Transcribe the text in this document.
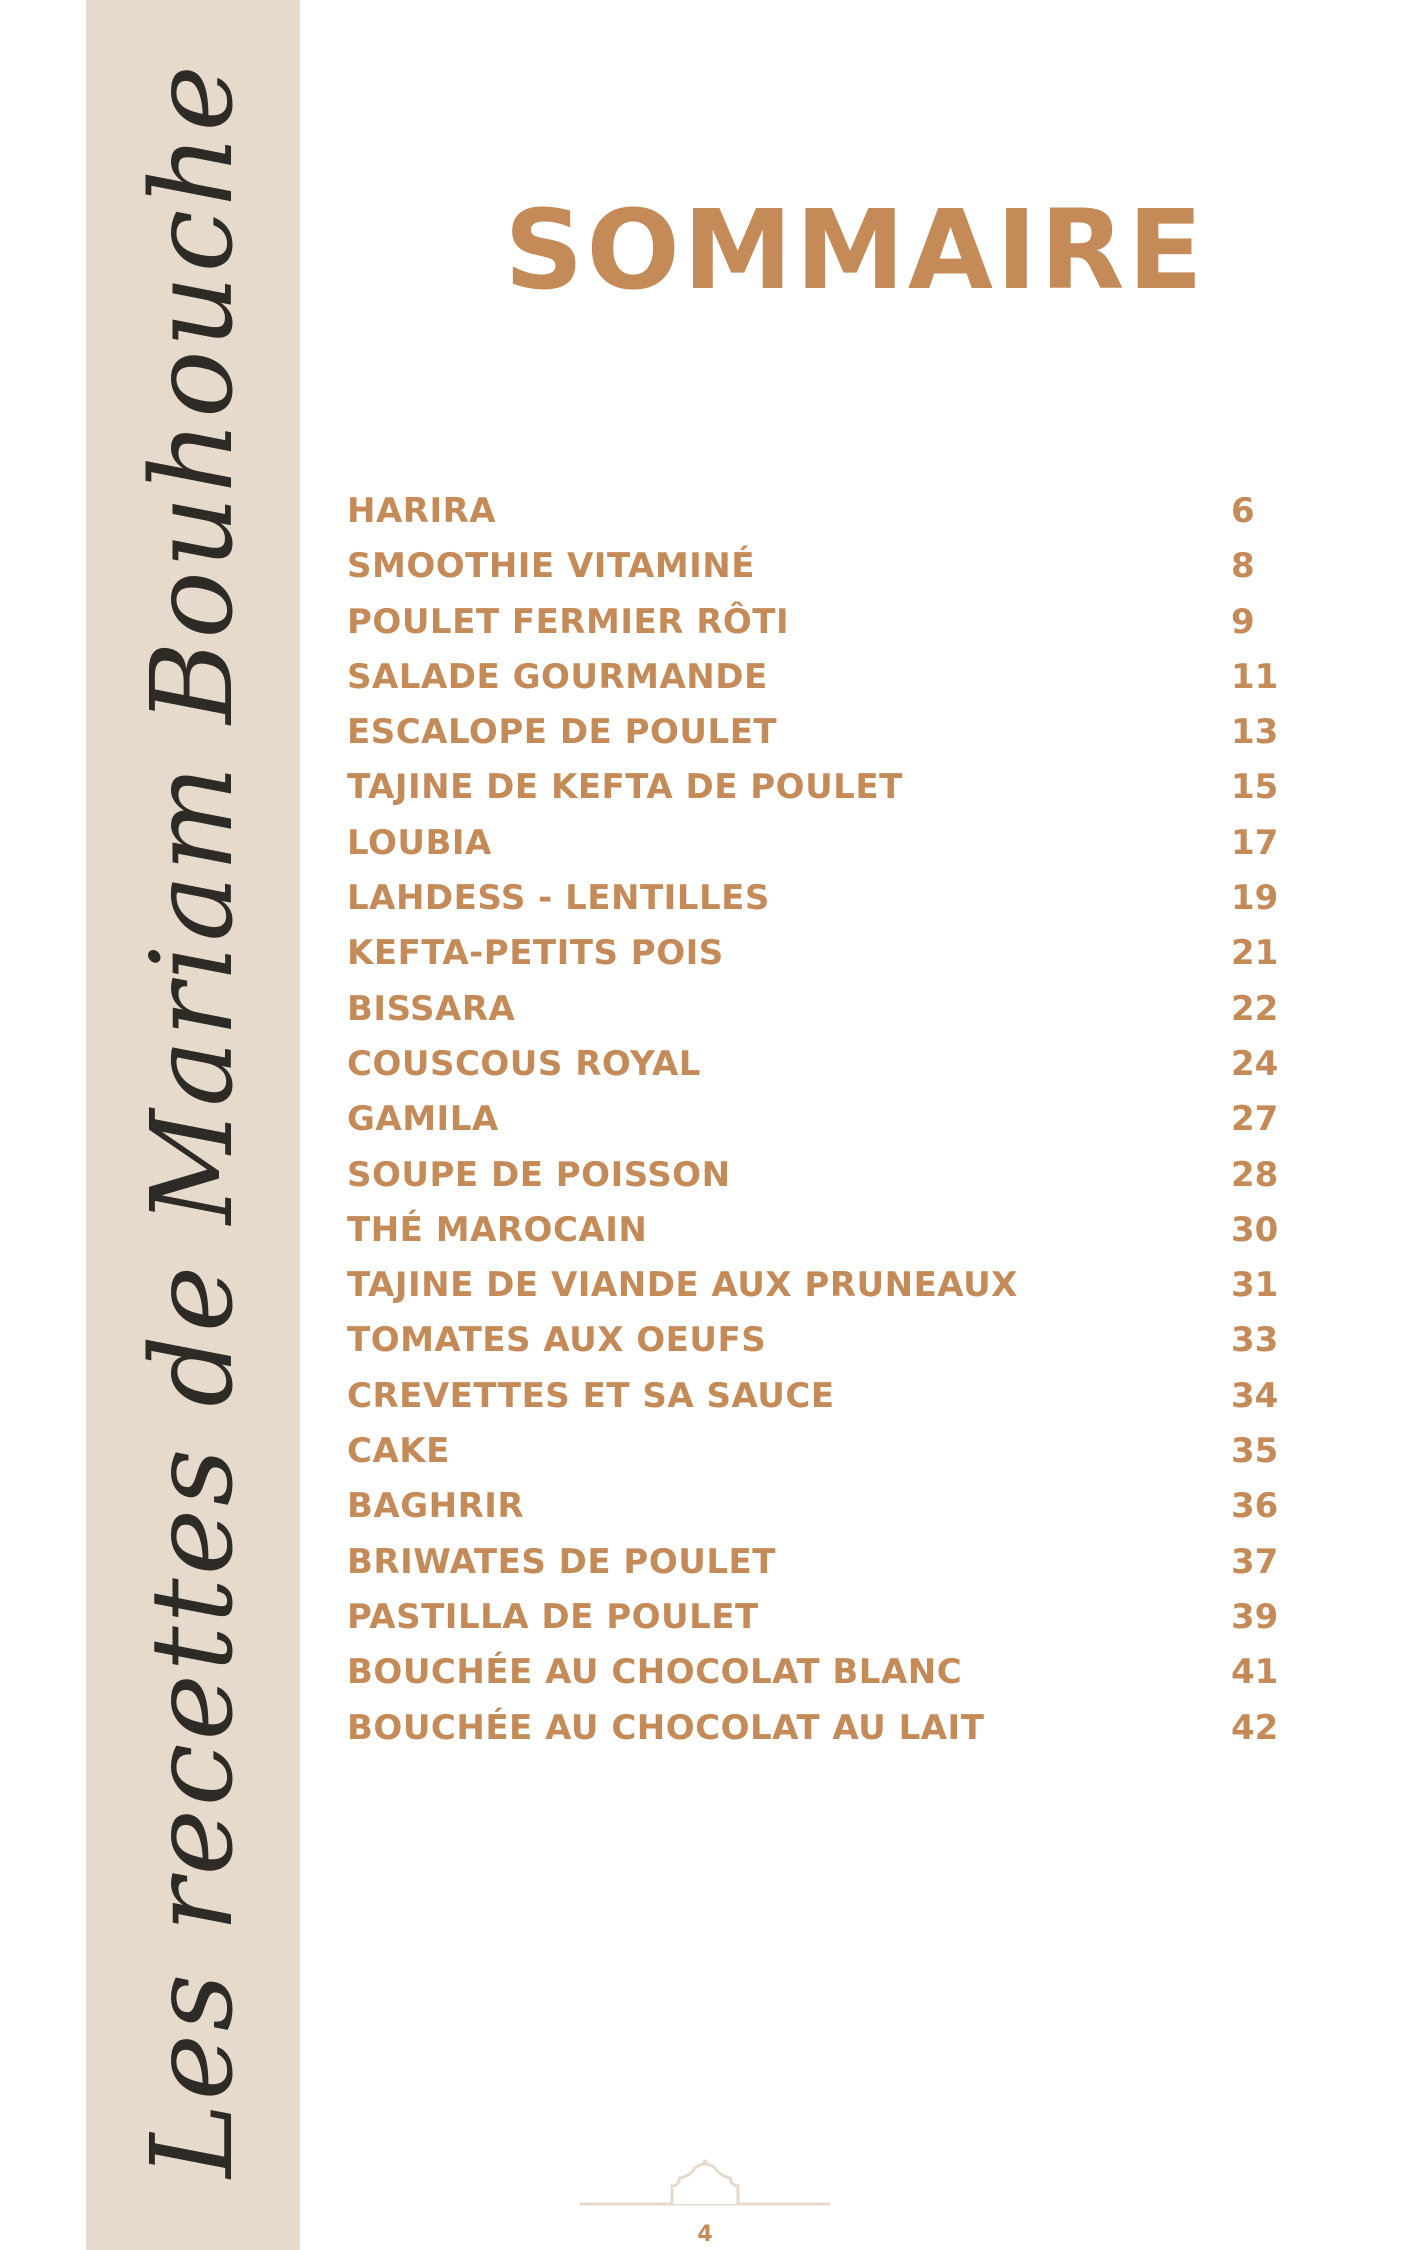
Les recettes de Mariam Bouhouche	SOMMAIRE
HARIRA	6
SMOOTHIE VITAMINÉ	8
POULET FERMIER RÔTI	9
SALADE GOURMANDE	11
ESCALOPE DE POULET	13
TAJINE DE KEFTA DE POULET	15
LOUBIA	17
LAHDESS - LENTILLES	19
KEFTA-PETITS POIS	21
BISSARA	22
COUSCOUS ROYAL	24
GAMILA	27
SOUPE DE POISSON	28
THÉ MAROCAIN	30
TAJINE DE VIANDE AUX PRUNEAUX	31
TOMATES AUX OEUFS	33
CREVETTES ET SA SAUCE	34
CAKE	35
BAGHRIR	36
BRIWATES DE POULET	37
PASTILLA DE POULET	39
BOUCHÉE AU CHOCOLAT BLANC	41
BOUCHÉE AU CHOCOLAT AU LAIT	42
4
